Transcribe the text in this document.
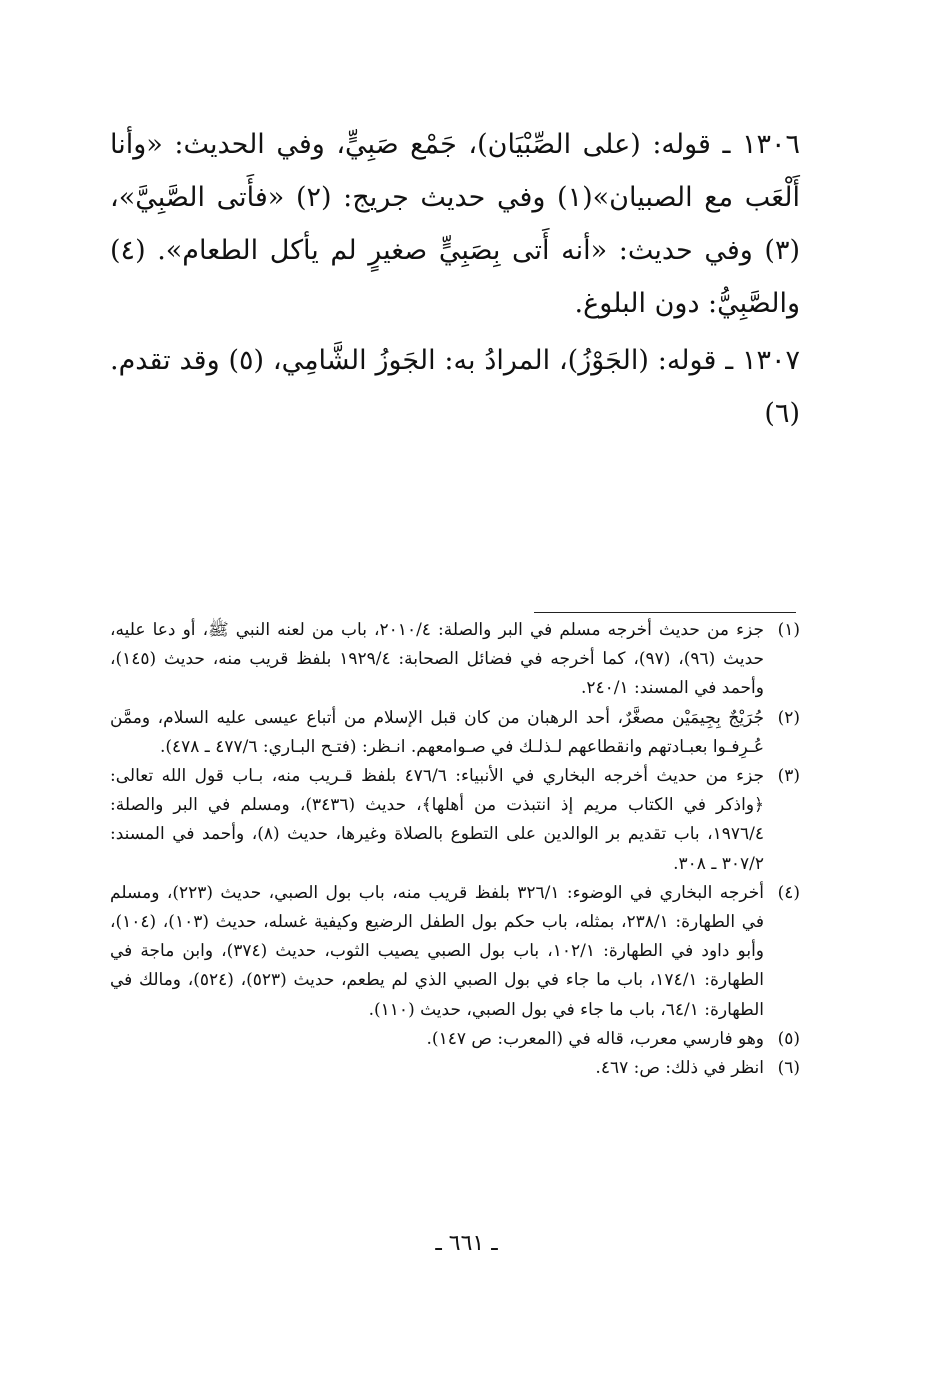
١٣٠٦ ـ قوله: (على الصِّبْيَان)، جَمْع صَبِيٍّ، وفي الحديث: «وأنا أَلْعَب مع الصبيان»(١) وفي حديث جريج: (٢) «فأَتى الصَّبِيَّ»، (٣) وفي حديث: «أنه أَتى بِصَبِيٍّ صغيرٍ لم يأكل الطعام». (٤) والصَّبِيُّ: دون البلوغ.

١٣٠٧ ـ قوله: (الجَوْزُ)، المرادُ به: الجَوزُ الشَّامِي، (٥) وقد تقدم. (٦)

(١)
جزء من حديث أخرجه مسلم في البر والصلة: ٢٠١٠/٤، باب من لعنه النبي ﷺ، أو دعا عليه، حديث (٩٦)، (٩٧)، كما أخرجه في فضائل الصحابة: ١٩٢٩/٤ بلفظ قريب منه، حديث (١٤٥)، وأحمد في المسند: ٢٤٠/١.

(٢)
جُرَيْجٌ بِجِيمَيْن مصغَّرٌ، أحد الرهبان من كان قبل الإسلام من أتباع عيسى عليه السلام، وممَّن عُـرِفـوا بعبـادتهم وانقطاعهم لـذلـك في صـوامعهم. انـظر: (فتـح البـاري: ٤٧٧/٦ ـ ٤٧٨).

(٣)
جزء من حديث أخرجه البخاري في الأنبياء: ٤٧٦/٦ بلفظ قـريب منه، بـاب قول الله تعالى: ﴿واذكر في الكتاب مريم إذ انتبذت من أهلها﴾، حديث (٣٤٣٦)، ومسلم في البر والصلة: ١٩٧٦/٤، باب تقديم بر الوالدين على التطوع بالصلاة وغيرها، حديث (٨)، وأحمد في المسند: ٣٠٧/٢ ـ ٣٠٨.

(٤)
أخرجه البخاري في الوضوء: ٣٢٦/١ بلفظ قريب منه، باب بول الصبي، حديث (٢٢٣)، ومسلم في الطهارة: ٢٣٨/١، بمثله، باب حكم بول الطفل الرضيع وكيفية غسله، حديث (١٠٣)، (١٠٤)، وأبو داود في الطهارة: ١٠٢/١، باب بول الصبي يصيب الثوب، حديث (٣٧٤)، وابن ماجة في الطهارة: ١٧٤/١، باب ما جاء في بول الصبي الذي لم يطعم، حديث (٥٢٣)، (٥٢٤)، ومالك في الطهارة: ٦٤/١، باب ما جاء في بول الصبي، حديث (١١٠).

(٥)
وهو فارسي معرب، قاله في (المعرب: ص ١٤٧).

(٦)
انظر في ذلك: ص: ٤٦٧.

ـ ٦٦١ ـ
